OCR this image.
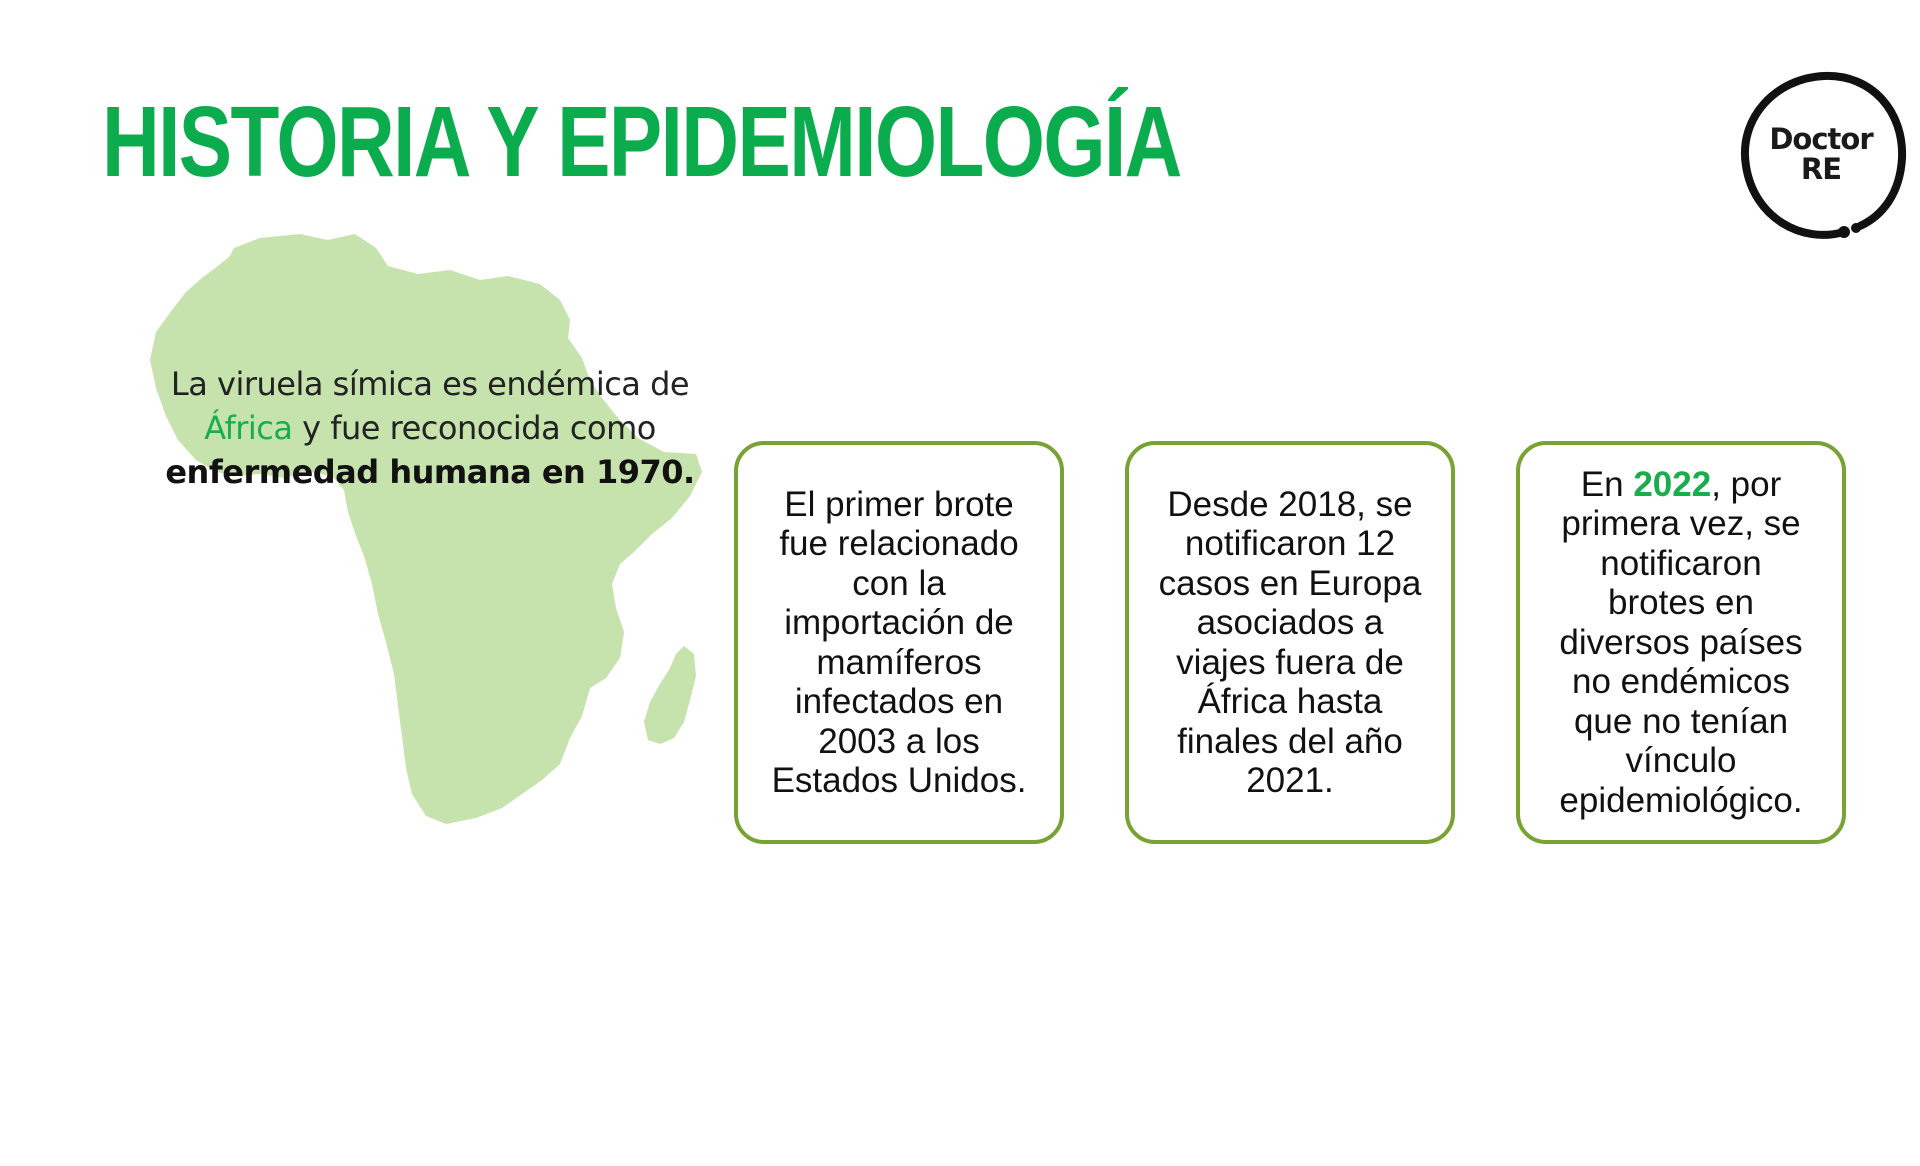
HISTORIA Y EPIDEMIOLOGÍA	Doctor
RE
La viruela símica es endémica de
África y fue reconocida como
enfermedad humana en 1970.

El primer brote
fue relacionado
con la
importación de
mamíferos
infectados en
2003 a los
Estados Unidos.

Desde 2018, se
notificaron 12
casos en Europa
asociados a
viajes fuera de
África hasta
finales del año
2021.

En 2022, por
primera vez, se
notificaron
brotes en
diversos países
no endémicos
que no tenían
vínculo
epidemiológico.
